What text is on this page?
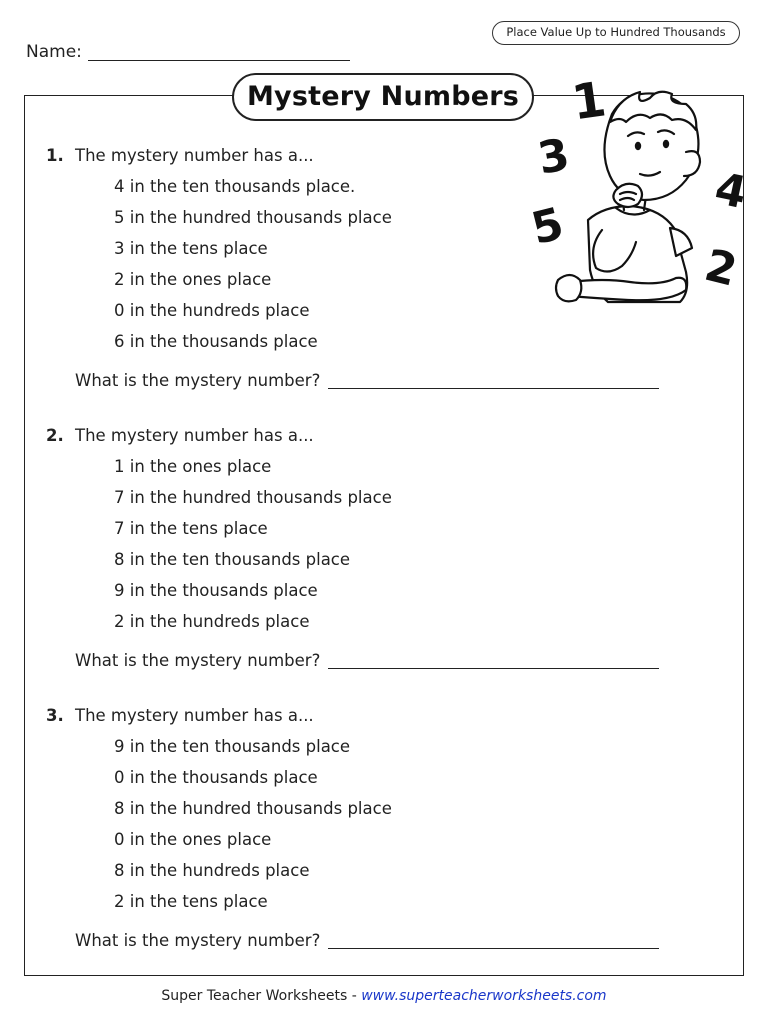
Place Value Up to Hundred Thousands
Name:
Mystery Numbers
1. The mystery number has a...
4 in the ten thousands place.
5 in the hundred thousands place
3 in the tens place
2 in the ones place
0 in the hundreds place
6 in the thousands place
What is the mystery number?
2. The mystery number has a...
1 in the ones place
7 in the hundred thousands place
7 in the tens place
8 in the ten thousands place
9 in the thousands place
2 in the hundreds place
What is the mystery number?
3. The mystery number has a...
9 in the ten thousands place
0 in the thousands place
8 in the hundred thousands place
0 in the ones place
8 in the hundreds place
2 in the tens place
What is the mystery number?
1
3
4
5
2
Super Teacher Worksheets - www.superteacherworksheets.com
